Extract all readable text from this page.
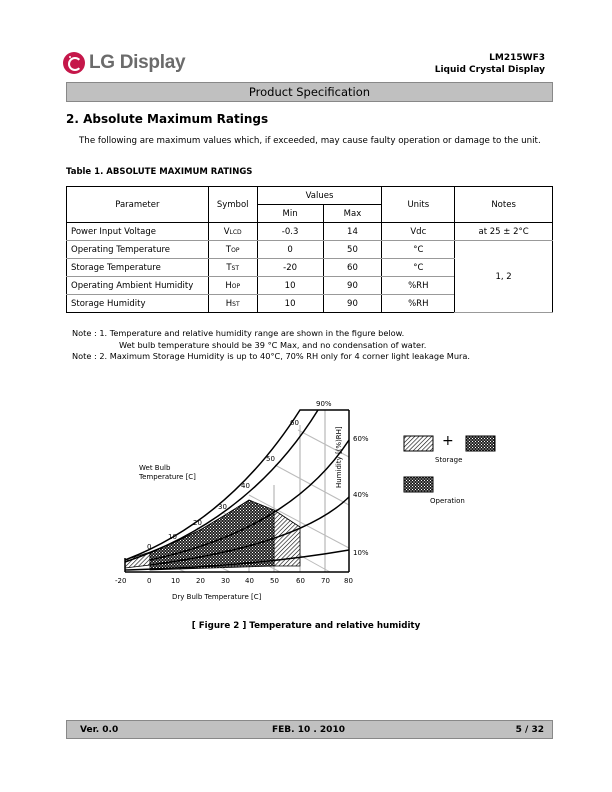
LG Display	LM215WF3
Liquid Crystal Display
Product Specification
2. Absolute Maximum Ratings
The following are maximum values which, if exceeded, may cause faulty operation or damage to the unit.
Table 1. ABSOLUTE MAXIMUM RATINGS
Parameter	Symbol	Values		Units	Notes
		Min	Max		
Power Input Voltage	VLCD	-0.3	14	Vdc	at 25 ± 2°C
Operating Temperature	TOP	0	50	°C	1, 2
Storage Temperature	TST	-20	60	°C	
Operating Ambient Humidity	HOP	10	90	%RH	
Storage Humidity	HST	10	90	%RH	
Note : 1. Temperature and relative humidity range are shown in the figure below.
Wet bulb temperature should be 39 °C Max, and no condensation of water.
Note : 2. Maximum Storage Humidity is up to 40°C, 70% RH only for 4 corner light leakage Mura.
Wet Bulb
Temperature [C]
0
10
20
30
40
50
60
90%
60%
40%
10%
Humidity [(%)RH]
-20	0	10 20 30 40 50 60 70 80
Dry Bulb Temperature [C]
+
Storage
Operation
[ Figure 2 ] Temperature and relative humidity
Ver. 0.0	FEB. 10 . 2010	5 / 32
